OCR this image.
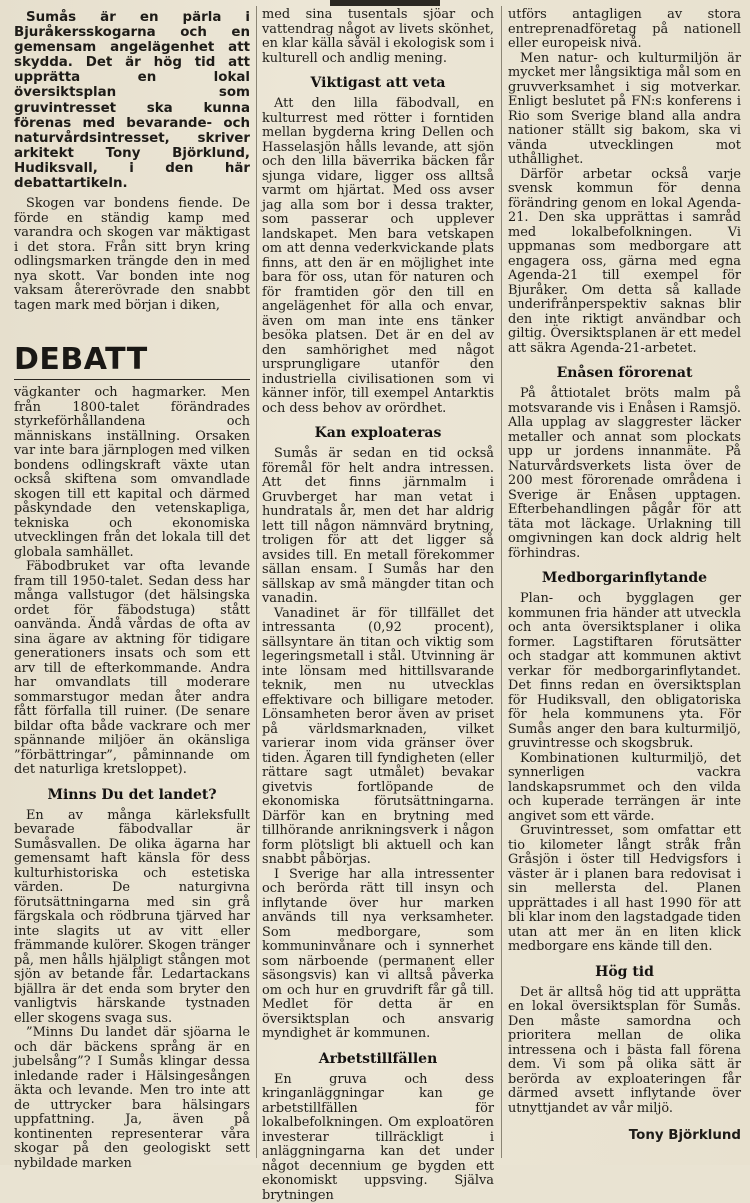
Sumås är en pärla i Bjuråkersskogarna och en gemensam angelägenhet att skydda. Det är hög tid att upprätta en lokal översiktsplan som gruvintresset ska kunna förenas med bevarande- och naturvårdsintresset, skriver arkitekt Tony Björklund, Hudiksvall, i den här debattartikeln.

Skogen var bondens fiende. De förde en ständig kamp med varandra och skogen var mäktigast i det stora. Från sitt bryn kring odlingsmarken trängde den in med nya skott. Var bonden inte nog vaksam återerövrade den snabbt tagen mark med början i diken,

DEBATT

vägkanter och hagmarker. Men från 1800-talet förändrades styrkeförhållandena och människans inställning. Orsaken var inte bara järnplogen med vilken bondens odlingskraft växte utan också skiftena som omvandlade skogen till ett kapital och därmed påskyndade den vetenskapliga, tekniska och ekonomiska utvecklingen från det lokala till det globala samhället.

Fäbodbruket var ofta levande fram till 1950-talet. Sedan dess har många vallstugor (det hälsingska ordet för fäbodstuga) stått oanvända. Ändå vårdas de ofta av sina ägare av aktning för tidigare generationers insats och som ett arv till de efterkommande. Andra har omvandlats till moderare sommarstugor medan åter andra fått förfalla till ruiner. (De senare bildar ofta både vackrare och mer spännande miljöer än okänsliga ”förbättringar”, påminnande om det naturliga kretsloppet).

Minns Du det landet?

En av många kärleksfullt bevarade fäbodvallar är Sumåsvallen. De olika ägarna har gemensamt haft känsla för dess kulturhistoriska och estetiska värden. De naturgivna förutsättningarna med sin grå färgskala och rödbruna tjärved har inte slagits ut av vitt eller främmande kulörer. Skogen tränger på, men hålls hjälpligt stången mot sjön av betande får. Ledartackans bjällra är det enda som bryter den vanligtvis härskande tystnaden eller skogens svaga sus.

”Minns Du landet där sjöarna le och där bäckens språng är en jubelsång”? I Sumås klingar dessa inledande rader i Hälsingesången äkta och levande. Men tro inte att de uttrycker bara hälsingars uppfattning. Ja, även på kontinenten representerar våra skogar på den geologiskt sett nybildade marken

med sina tusentals sjöar och vattendrag något av livets skönhet, en klar källa såväl i ekologisk som i kulturell och andlig mening.

Viktigast att veta

Att den lilla fäbodvall, en kulturrest med rötter i forntiden mellan bygderna kring Dellen och Hasselasjön hålls levande, att sjön och den lilla bäverrika bäcken får sjunga vidare, ligger oss alltså varmt om hjärtat. Med oss avser jag alla som bor i dessa trakter, som passerar och upplever landskapet. Men bara vetskapen om att denna vederkvickande plats finns, att den är en möjlighet inte bara för oss, utan för naturen och för framtiden gör den till en angelägenhet för alla och envar, även om man inte ens tänker besöka platsen. Det är en del av den samhörighet med något ursprungligare utanför den industriella civilisationen som vi känner inför, till exempel Antarktis och dess behov av orördhet.

Kan exploateras

Sumås är sedan en tid också föremål för helt andra intressen. Att det finns järnmalm i Gruvberget har man vetat i hundratals år, men det har aldrig lett till någon nämnvärd brytning, troligen för att det ligger så avsides till. En metall förekommer sällan ensam. I Sumås har den sällskap av små mängder titan och vanadin.

Vanadinet är för tillfället det intressanta (0,92 procent), sällsyntare än titan och viktig som legeringsmetall i stål. Utvinning är inte lönsam med hittillsvarande teknik, men nu utvecklas effektivare och billigare metoder. Lönsamheten beror även av priset på världsmarknaden, vilket varierar inom vida gränser över tiden. Ägaren till fyndigheten (eller rättare sagt utmålet) bevakar givetvis fortlöpande de ekonomiska förutsättningarna. Därför kan en brytning med tillhörande anrikningsverk i någon form plötsligt bli aktuell och kan snabbt påbörjas.

I Sverige har alla intressenter och berörda rätt till insyn och inflytande över hur marken används till nya verksamheter. Som medborgare, som kommuninvånare och i synnerhet som närboende (permanent eller säsongsvis) kan vi alltså påverka om och hur en gruvdrift får gå till. Medlet för detta är en översiktsplan och ansvarig myndighet är kommunen.

Arbetstillfällen

En gruva och dess kringanläggningar kan ge arbetstillfällen för lokalbefolkningen. Om exploatören investerar tillräckligt i anläggningarna kan det under något decennium ge bygden ett ekonomiskt uppsving. Själva brytningen

utförs antagligen av stora entreprenadföretag på nationell eller europeisk nivå.

Men natur- och kulturmiljön är mycket mer långsiktiga mål som en gruvverksamhet i sig motverkar. Enligt beslutet på FN:s konferens i Rio som Sverige bland alla andra nationer ställt sig bakom, ska vi vända utvecklingen mot uthållighet.

Därför arbetar också varje svensk kommun för denna förändring genom en lokal Agenda-21. Den ska upprättas i samråd med lokalbefolkningen. Vi uppmanas som medborgare att engagera oss, gärna med egna Agenda-21 till exempel för Bjuråker. Om detta så kallade underifrånperspektiv saknas blir den inte riktigt användbar och giltig. Översiktsplanen är ett medel att säkra Agenda-21-arbetet.

Enåsen förorenat

På åttiotalet bröts malm på motsvarande vis i Enåsen i Ramsjö. Alla upplag av slaggrester läcker metaller och annat som plockats upp ur jordens innanmäte. På Naturvårdsverkets lista över de 200 mest förorenade områdena i Sverige är Enåsen upptagen. Efterbehandlingen pågår för att täta mot läckage. Urlakning till omgivningen kan dock aldrig helt förhindras.

Medborgarinflytande

Plan- och bygglagen ger kommunen fria händer att utveckla och anta översiktsplaner i olika former. Lagstiftaren förutsätter och stadgar att kommunen aktivt verkar för medborgarinflytandet. Det finns redan en översiktsplan för Hudiksvall, den obligatoriska för hela kommunens yta. För Sumås anger den bara kulturmiljö, gruvintresse och skogsbruk.

Kombinationen kulturmiljö, det synnerligen vackra landskapsrummet och den vilda och kuperade terrängen är inte angivet som ett värde.

Gruvintresset, som omfattar ett tio kilometer långt stråk från Gråsjön i öster till Hedvigsfors i väster är i planen bara redovisat i sin mellersta del. Planen upprättades i all hast 1990 för att bli klar inom den lagstadgade tiden utan att mer än en liten klick medborgare ens kände till den.

Hög tid

Det är alltså hög tid att upprätta en lokal översiktsplan för Sumås. Den måste samordna och prioritera mellan de olika intressena och i bästa fall förena dem. Vi som på olika sätt är berörda av exploateringen får därmed avsett inflytande över utnyttjandet av vår miljö.

Tony Björklund
